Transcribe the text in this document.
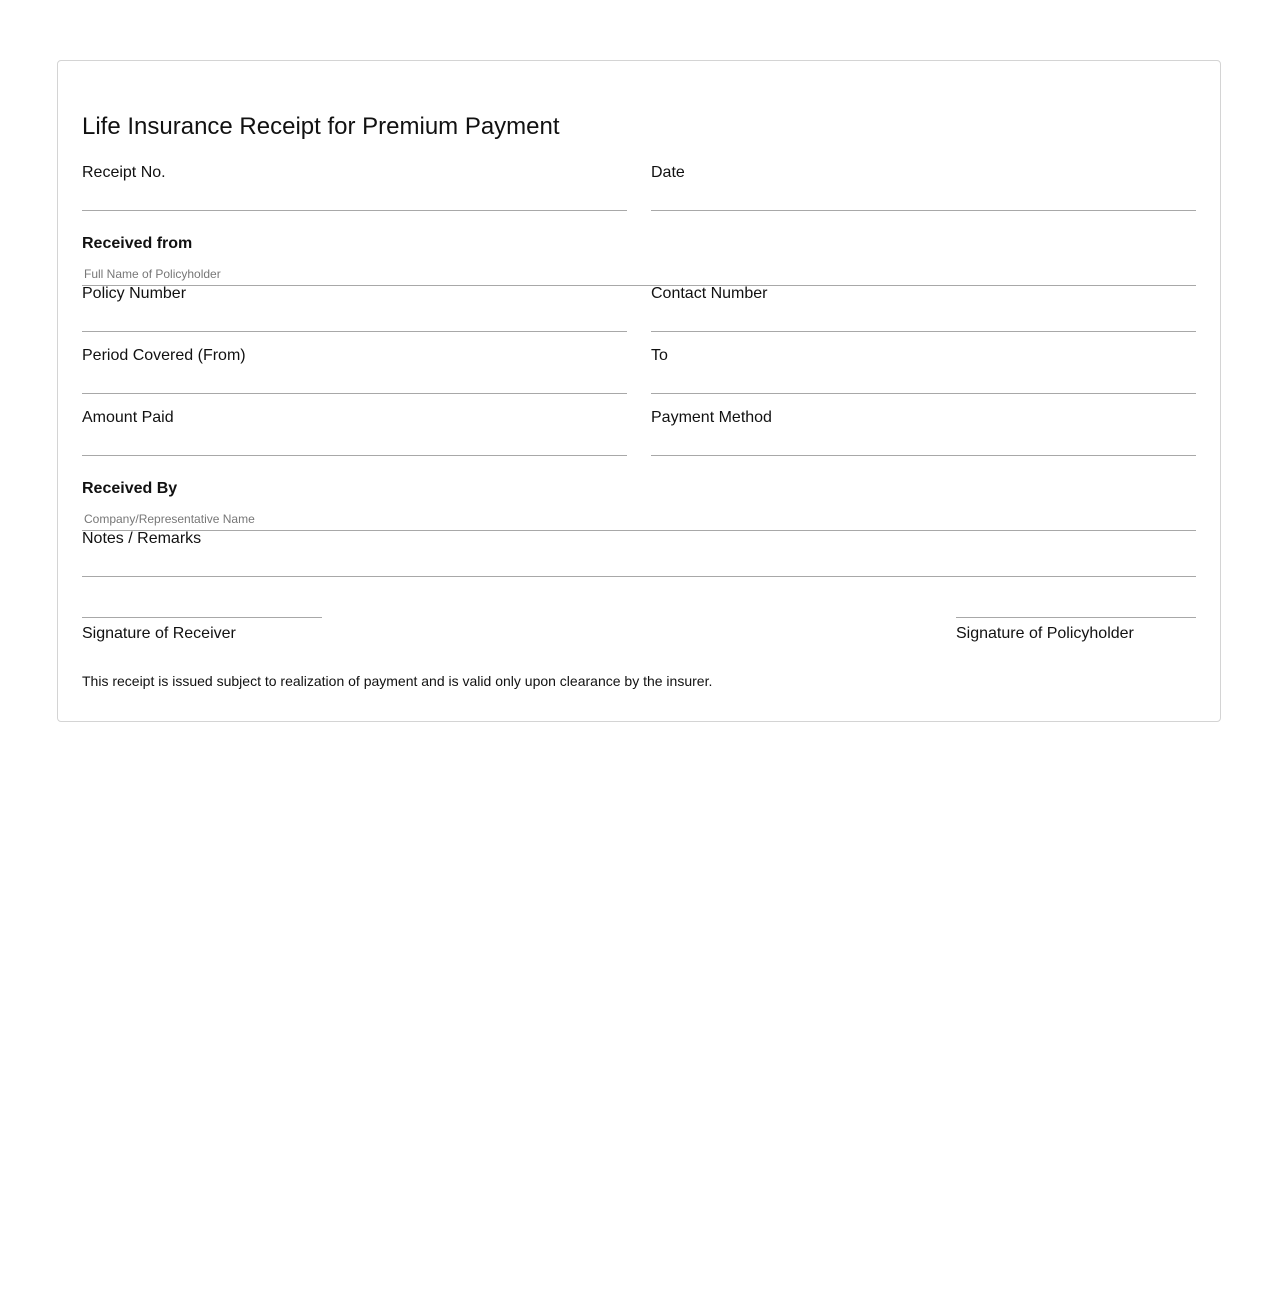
Life Insurance Receipt for Premium Payment
Receipt No.	Date
Received from
Full Name of Policyholder
Policy Number	Contact Number
Period Covered (From)	To
Amount Paid	Payment Method
Received By
Company/Representative Name
Notes / Remarks
Signature of Receiver	Signature of Policyholder
This receipt is issued subject to realization of payment and is valid only upon clearance by the insurer.
